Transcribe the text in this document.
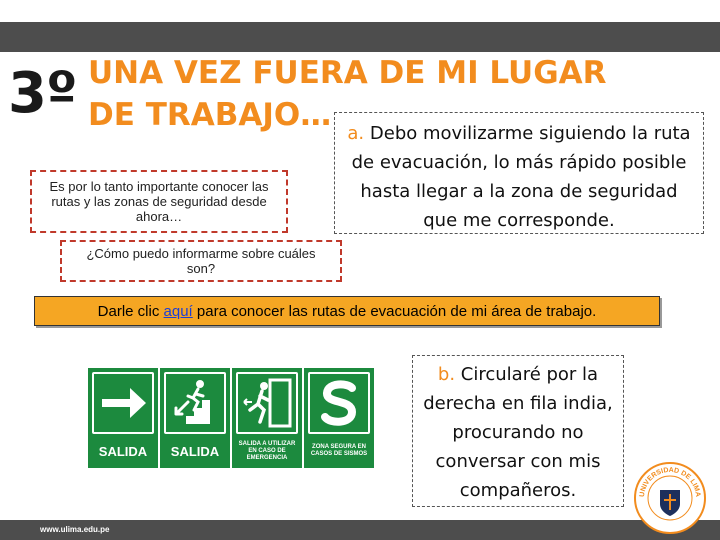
3º UNA VEZ FUERA DE MI LUGAR DE TRABAJO…
Es por lo tanto importante conocer las rutas y las zonas de seguridad desde ahora…
¿Cómo puedo informarme sobre cuáles son?
a. Debo movilizarme siguiendo la ruta de evacuación, lo más rápido posible hasta llegar a la zona de seguridad que me corresponde.
Darle clic aquí para conocer las rutas de evacuación de mi área de trabajo.
SALIDA	SALIDA	SALIDA A UTILIZAR EN CASO DE EMERGENCIA
ZONA SEGURA EN CASOS DE SISMOS
b. Circularé por la derecha en fila india, procurando no conversar con mis compañeros.
www.ulima.edu.pe
UNIVERSIDAD DE LIMA
